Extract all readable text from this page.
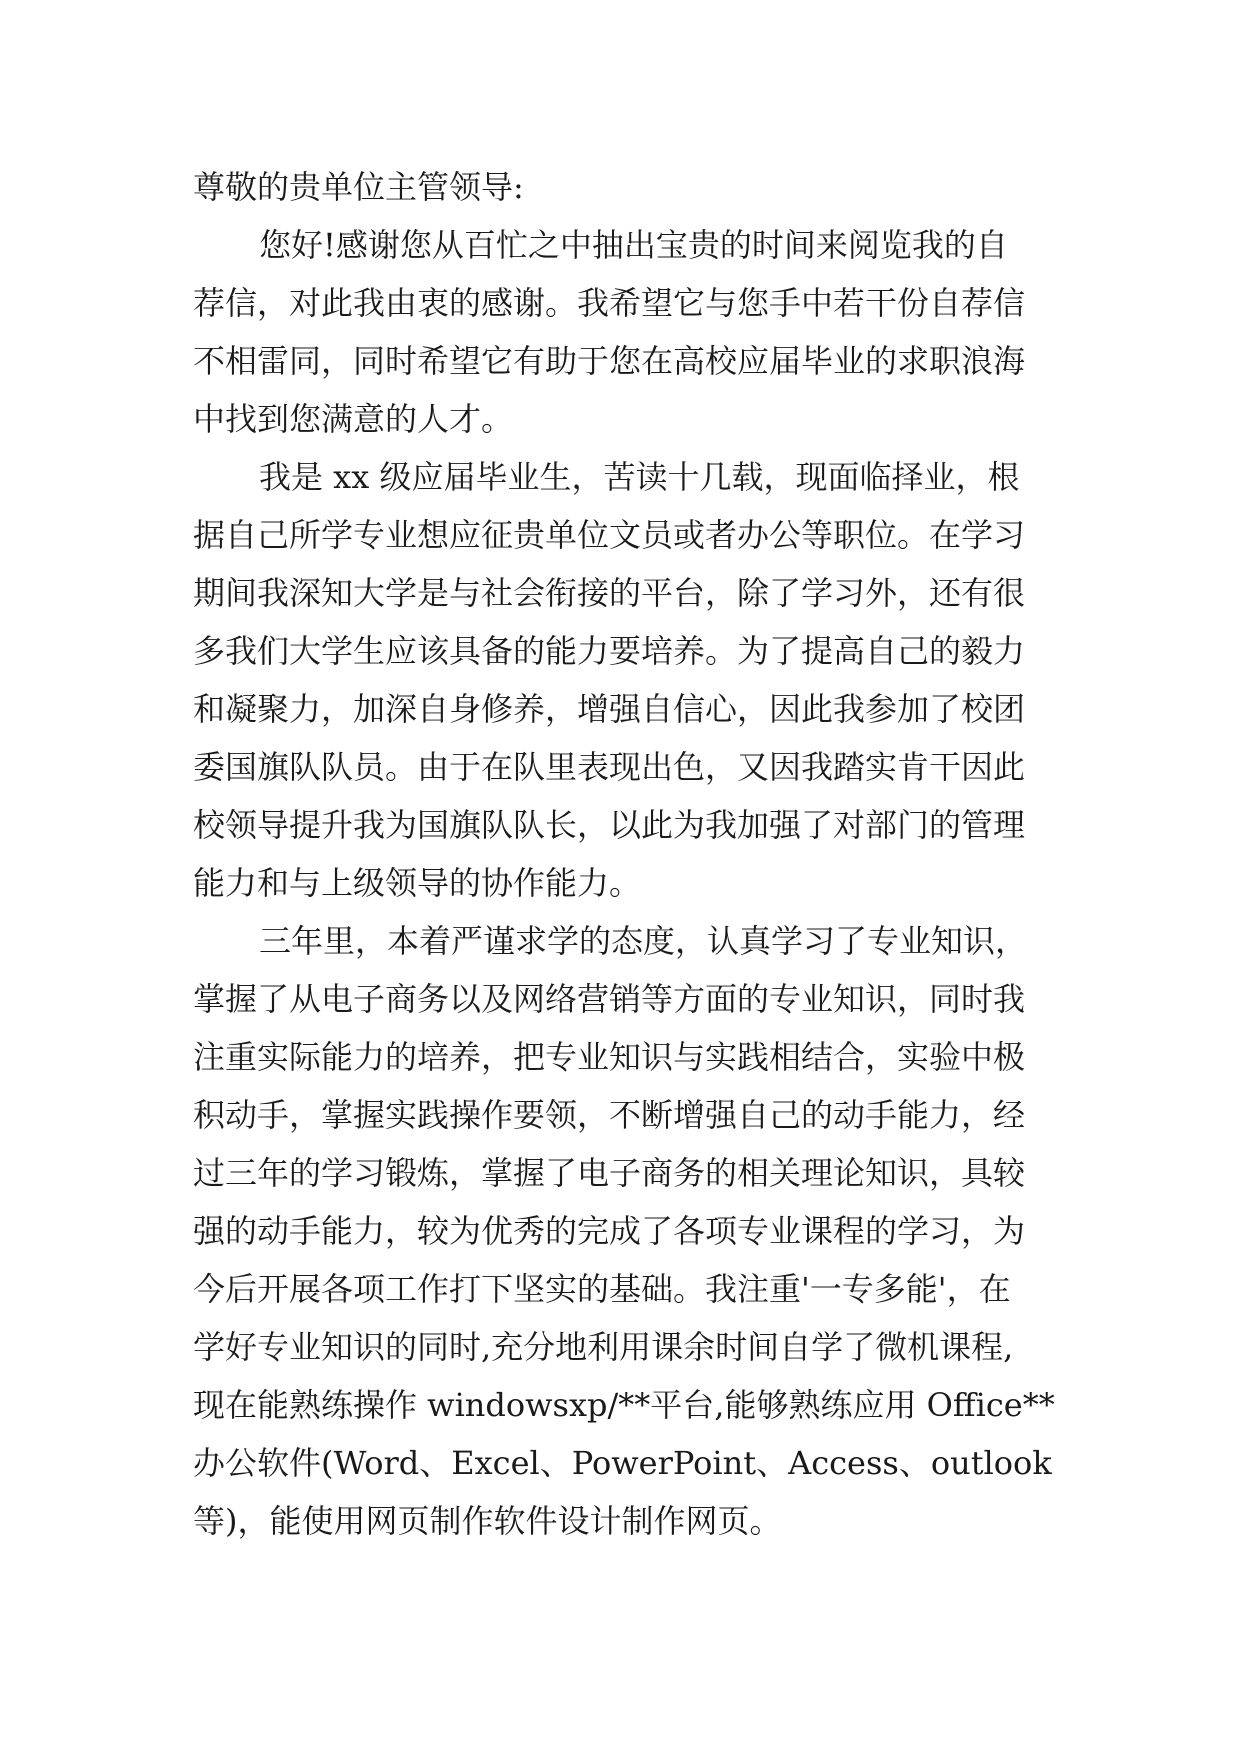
尊敬的贵单位主管领导:
您好!感谢您从百忙之中抽出宝贵的时间来阅览我的自
荐信，对此我由衷的感谢。我希望它与您手中若干份自荐信
不相雷同，同时希望它有助于您在高校应届毕业的求职浪海
中找到您满意的人才。
我是 xx 级应届毕业生，苦读十几载，现面临择业，根
据自己所学专业想应征贵单位文员或者办公等职位。在学习
期间我深知大学是与社会衔接的平台，除了学习外，还有很
多我们大学生应该具备的能力要培养。为了提高自己的毅力
和凝聚力，加深自身修养，增强自信心，因此我参加了校团
委国旗队队员。由于在队里表现出色，又因我踏实肯干因此
校领导提升我为国旗队队长，以此为我加强了对部门的管理
能力和与上级领导的协作能力。
三年里，本着严谨求学的态度，认真学习了专业知识，
掌握了从电子商务以及网络营销等方面的专业知识，同时我
注重实际能力的培养，把专业知识与实践相结合，实验中极
积动手，掌握实践操作要领，不断增强自己的动手能力，经
过三年的学习锻炼，掌握了电子商务的相关理论知识，具较
强的动手能力，较为优秀的完成了各项专业课程的学习，为
今后开展各项工作打下坚实的基础。我注重'一专多能'，在
学好专业知识的同时,充分地利用课余时间自学了微机课程,
现在能熟练操作 windowsxp/**平台,能够熟练应用 Office**
办公软件(Word、Excel、PowerPoint、Access、outlook
等)，能使用网页制作软件设计制作网页。
